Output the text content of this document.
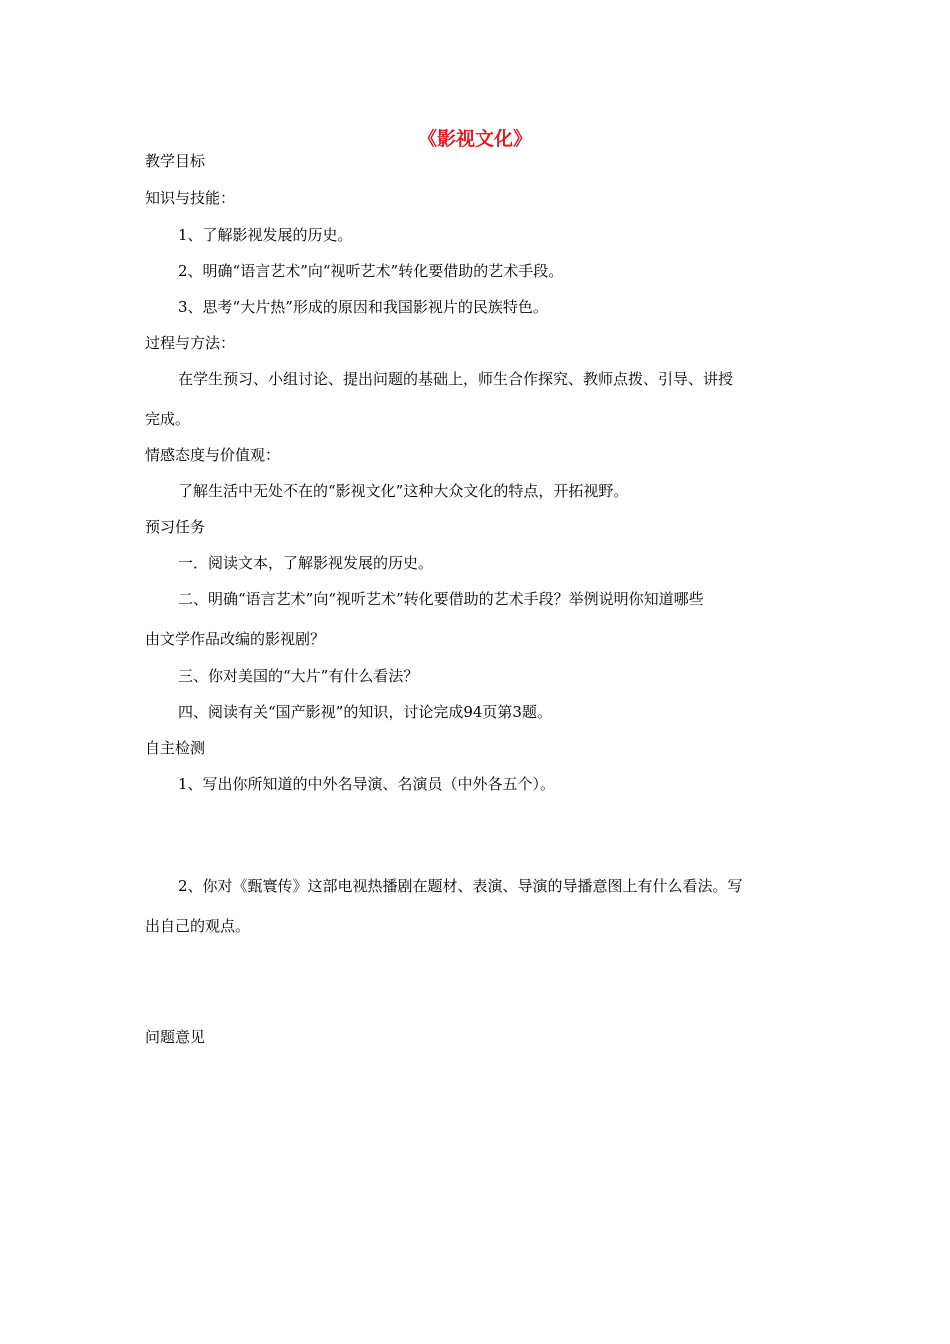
《影视文化》
教学目标
知识与技能：
1、了解影视发展的历史。
2、明确“语言艺术”向“视听艺术”转化要借助的艺术手段。
3、思考“大片热”形成的原因和我国影视片的民族特色。
过程与方法：
在学生预习、小组讨论、提出问题的基础上，师生合作探究、教师点拨、引导、讲授
完成。
情感态度与价值观：
了解生活中无处不在的“影视文化”这种大众文化的特点，开拓视野。
预习任务
一．阅读文本，了解影视发展的历史。
二、明确“语言艺术”向“视听艺术”转化要借助的艺术手段？举例说明你知道哪些
由文学作品改编的影视剧？
三、你对美国的“大片”有什么看法？
四、阅读有关“国产影视”的知识，讨论完成94页第3题。
自主检测
1、写出你所知道的中外名导演、名演员（中外各五个）。
2、你对《甄寰传》这部电视热播剧在题材、表演、导演的导播意图上有什么看法。写
出自己的观点。
问题意见
